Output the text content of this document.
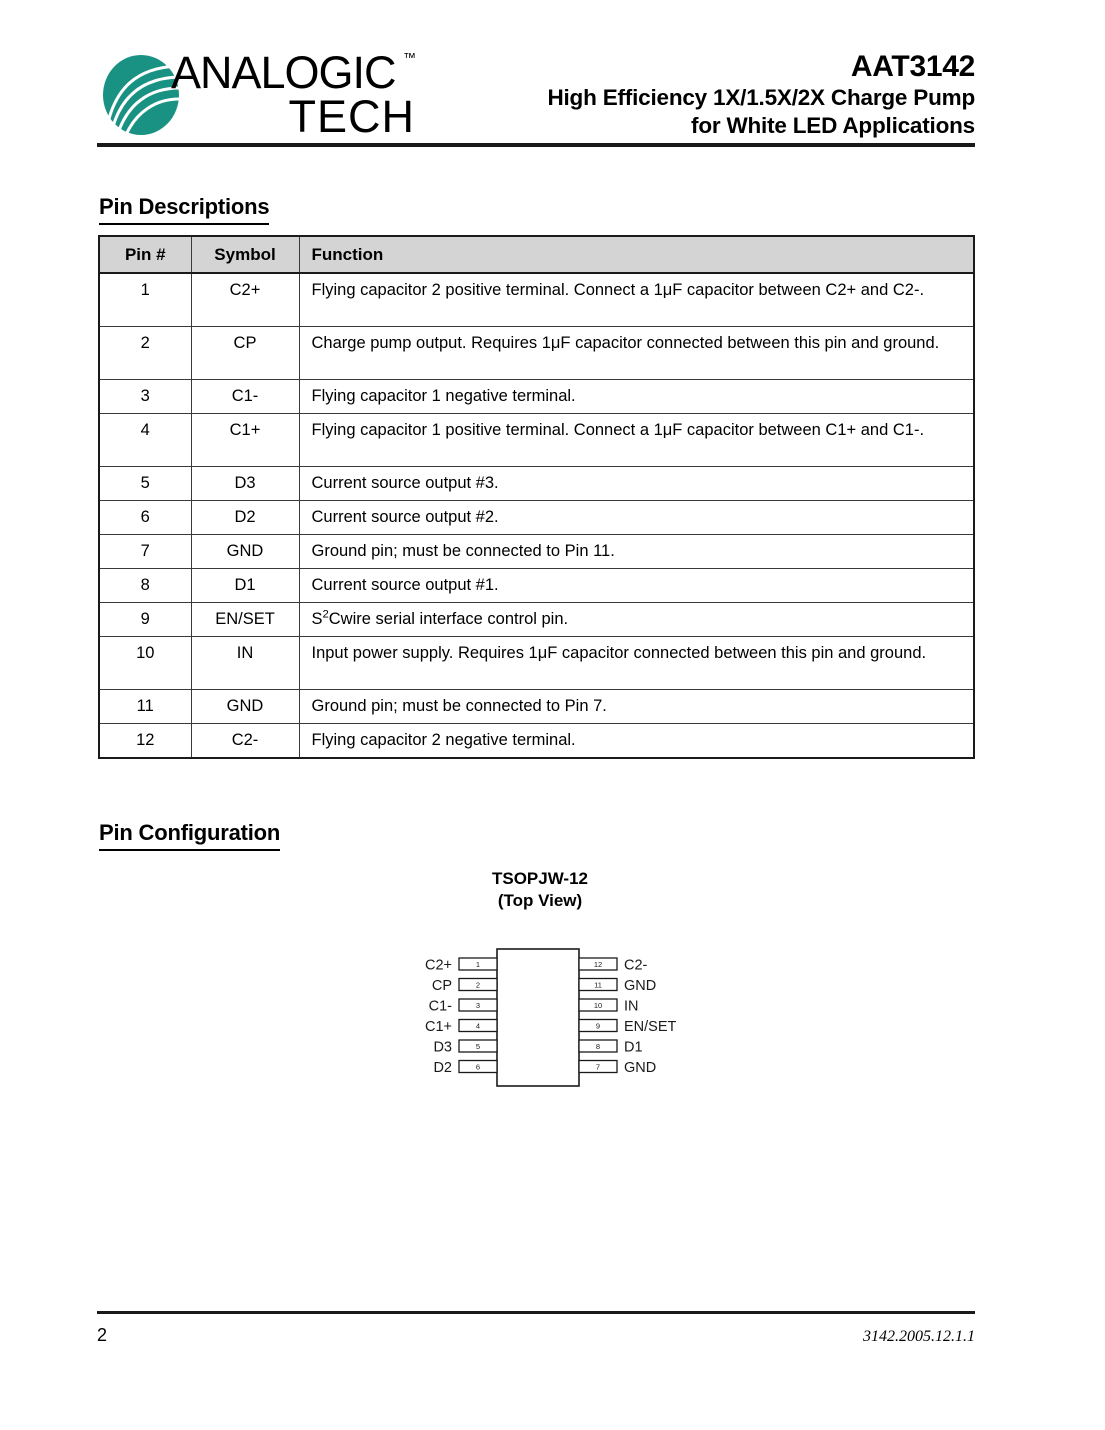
ANALOGIC
TECH
™	AAT3142
High Efficiency 1X/1.5X/2X Charge Pump
for White LED Applications
Pin Descriptions
Pin #	Symbol	Function
1	C2+	Flying capacitor 2 positive terminal. Connect a 1μF capacitor between C2+ and C2-.
2	CP	Charge pump output. Requires 1μF capacitor connected between this pin and ground.
3	C1-	Flying capacitor 1 negative terminal.
4	C1+	Flying capacitor 1 positive terminal. Connect a 1μF capacitor between C1+ and C1-.
5	D3	Current source output #3.
6	D2	Current source output #2.
7	GND	Ground pin; must be connected to Pin 11.
8	D1	Current source output #1.
9	EN/SET	$S^2Cwire$ serial interface control pin.
10	IN	Input power supply. Requires 1μF capacitor connected between this pin and ground.
11	GND	Ground pin; must be connected to Pin 7.
12	C2-	Flying capacitor 2 negative terminal.
Pin Configuration
TSOPJW-12
(Top View)
1
C2+
2
CP
3
C1-
4
C1+
5
D3
6
D2
12 C2-
11 GND
10 IN
9 EN/SET
8 D1
7 GND
2	3142.2005.12.1.1
